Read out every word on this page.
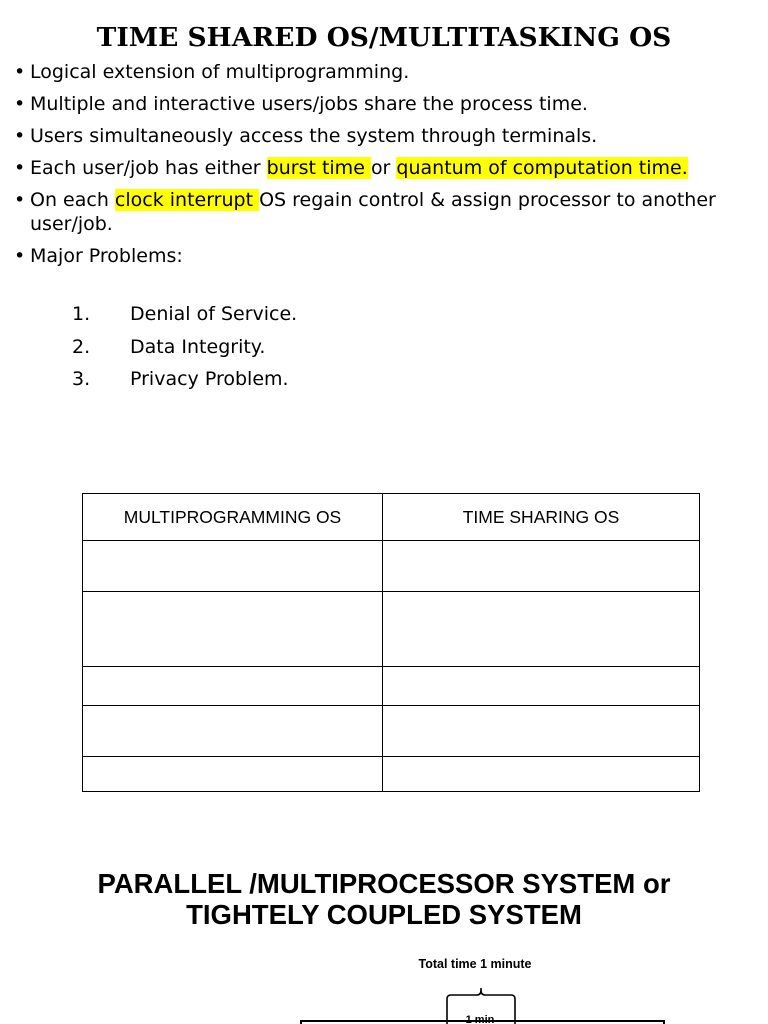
TIME SHARED OS/MULTITASKING OS
• Logical extension of multiprogramming.
• Multiple and interactive users/jobs share the process time.
• Users simultaneously access the system through terminals.
• Each user/job has either burst time or quantum of computation time.
• On each clock interrupt OS regain control & assign processor to another user/job.
• Major Problems:
1. Denial of Service.
2. Data Integrity.
3. Privacy Problem.
MULTIPROGRAMMING OS	TIME SHARING OS

PARALLEL /MULTIPROCESSOR SYSTEM or
TIGHTELY COUPLED SYSTEM
Total time 1 minute
1 min
